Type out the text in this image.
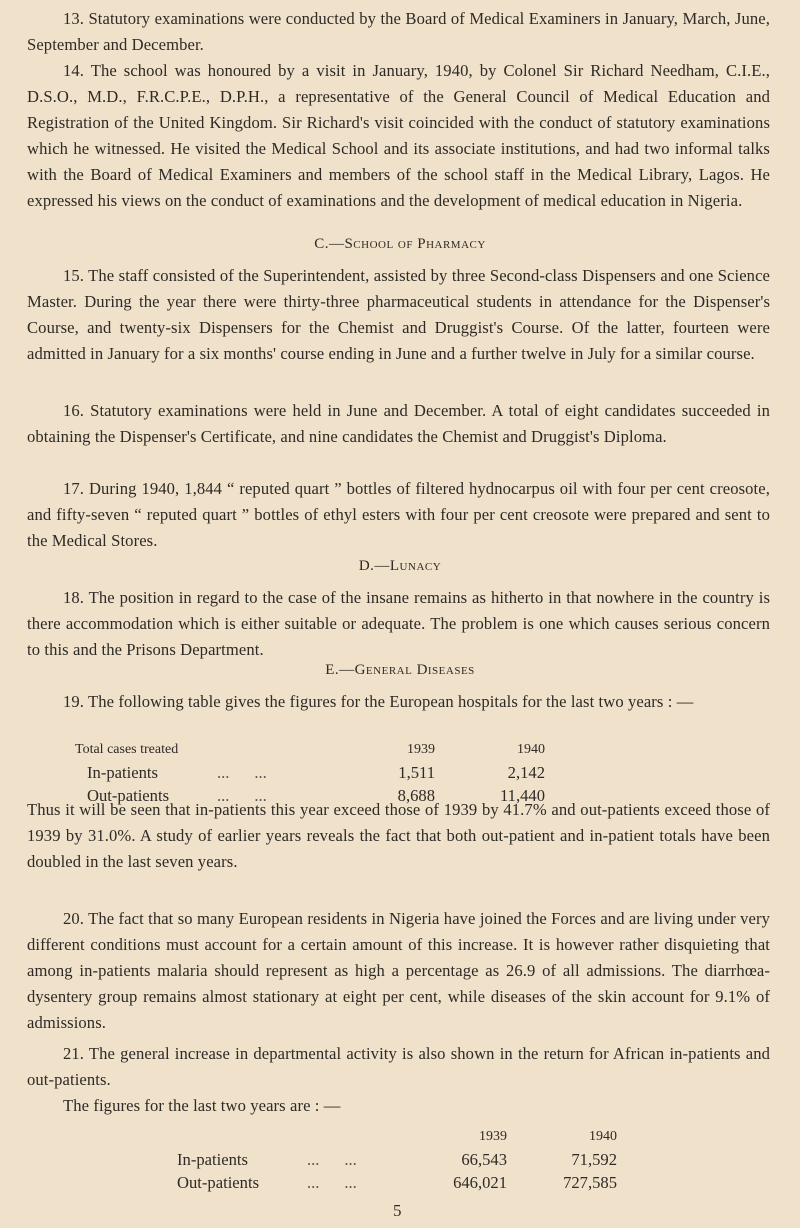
13. Statutory examinations were conducted by the Board of Medical Examiners in January, March, June, September and December.
14. The school was honoured by a visit in January, 1940, by Colonel Sir Richard Needham, C.I.E., D.S.O., M.D., F.R.C.P.E., D.P.H., a representative of the General Council of Medical Education and Registration of the United Kingdom. Sir Richard's visit coincided with the conduct of statutory examinations which he witnessed. He visited the Medical School and its associate institutions, and had two informal talks with the Board of Medical Examiners and members of the school staff in the Medical Library, Lagos. He expressed his views on the conduct of examinations and the development of medical education in Nigeria.
C.—School of Pharmacy
15. The staff consisted of the Superintendent, assisted by three Second-class Dispensers and one Science Master. During the year there were thirty-three pharmaceutical students in attendance for the Dispenser's Course, and twenty-six Dispensers for the Chemist and Druggist's Course. Of the latter, fourteen were admitted in January for a six months' course ending in June and a further twelve in July for a similar course.
16. Statutory examinations were held in June and December. A total of eight candidates succeeded in obtaining the Dispenser's Certificate, and nine candidates the Chemist and Druggist's Diploma.
17. During 1940, 1,844 “ reputed quart ” bottles of filtered hydnocarpus oil with four per cent creosote, and fifty-seven “ reputed quart ” bottles of ethyl esters with four per cent creosote were prepared and sent to the Medical Stores.
D.—Lunacy
18. The position in regard to the case of the insane remains as hitherto in that nowhere in the country is there accommodation which is either suitable or adequate. The problem is one which causes serious concern to this and the Prisons Department.
E.—General Diseases
19. The following table gives the figures for the European hospitals for the last two years : —
Total cases treated	1939	1940
In-patients	...      ...	1,511	2,142
Out-patients	...      ...	8,688	11,440
Thus it will be seen that in-patients this year exceed those of 1939 by 41.7% and out-patients exceed those of 1939 by 31.0%. A study of earlier years reveals the fact that both out-patient and in-patient totals have been doubled in the last seven years.
20. The fact that so many European residents in Nigeria have joined the Forces and are living under very different conditions must account for a certain amount of this increase. It is however rather disquieting that among in-patients malaria should represent as high a percentage as 26.9 of all admissions. The diarrhœa-dysentery group remains almost stationary at eight per cent, while diseases of the skin account for 9.1% of admissions.
21. The general increase in departmental activity is also shown in the return for African in-patients and out-patients.
The figures for the last two years are : —
1939	1940
In-patients	...      ...	66,543	71,592
Out-patients	...      ...	646,021	727,585
5
